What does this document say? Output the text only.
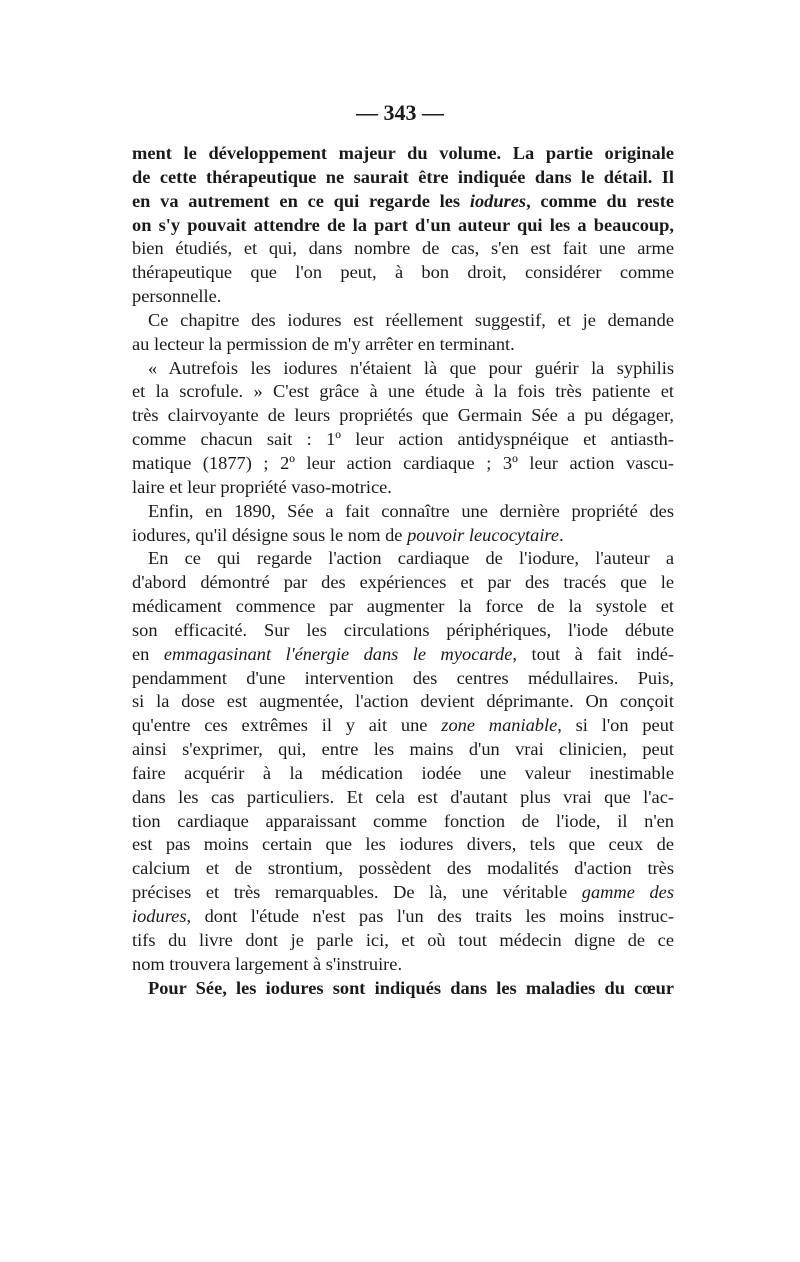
— 343 —
ment le développement majeur du volume. La partie originale
de cette thérapeutique ne saurait être indiquée dans le détail. Il
en va autrement en ce qui regarde les iodures, comme du reste
on s'y pouvait attendre de la part d'un auteur qui les a beaucoup,
bien étudiés, et qui, dans nombre de cas, s'en est fait une arme
thérapeutique que l'on peut, à bon droit, considérer comme
personnelle.
Ce chapitre des iodures est réellement suggestif, et je demande
au lecteur la permission de m'y arrêter en terminant.
« Autrefois les iodures n'étaient là que pour guérir la syphilis
et la scrofule. » C'est grâce à une étude à la fois très patiente et
très clairvoyante de leurs propriétés que Germain Sée a pu dégager,
comme chacun sait : 1º leur action antidyspnéique et antiasth-
matique (1877) ; 2º leur action cardiaque ; 3º leur action vascu-
laire et leur propriété vaso-motrice.
Enfin, en 1890, Sée a fait connaître une dernière propriété des
iodures, qu'il désigne sous le nom de pouvoir leucocytaire.
En ce qui regarde l'action cardiaque de l'iodure, l'auteur a
d'abord démontré par des expériences et par des tracés que le
médicament commence par augmenter la force de la systole et
son efficacité. Sur les circulations périphériques, l'iode débute
en emmagasinant l'énergie dans le myocarde, tout à fait indé-
pendamment d'une intervention des centres médullaires. Puis,
si la dose est augmentée, l'action devient déprimante. On conçoit
qu'entre ces extrêmes il y ait une zone maniable, si l'on peut
ainsi s'exprimer, qui, entre les mains d'un vrai clinicien, peut
faire acquérir à la médication iodée une valeur inestimable
dans les cas particuliers. Et cela est d'autant plus vrai que l'ac-
tion cardiaque apparaissant comme fonction de l'iode, il n'en
est pas moins certain que les iodures divers, tels que ceux de
calcium et de strontium, possèdent des modalités d'action très
précises et très remarquables. De là, une véritable gamme des
iodures, dont l'étude n'est pas l'un des traits les moins instruc-
tifs du livre dont je parle ici, et où tout médecin digne de ce
nom trouvera largement à s'instruire.
Pour Sée, les iodures sont indiqués dans les maladies du cœur
